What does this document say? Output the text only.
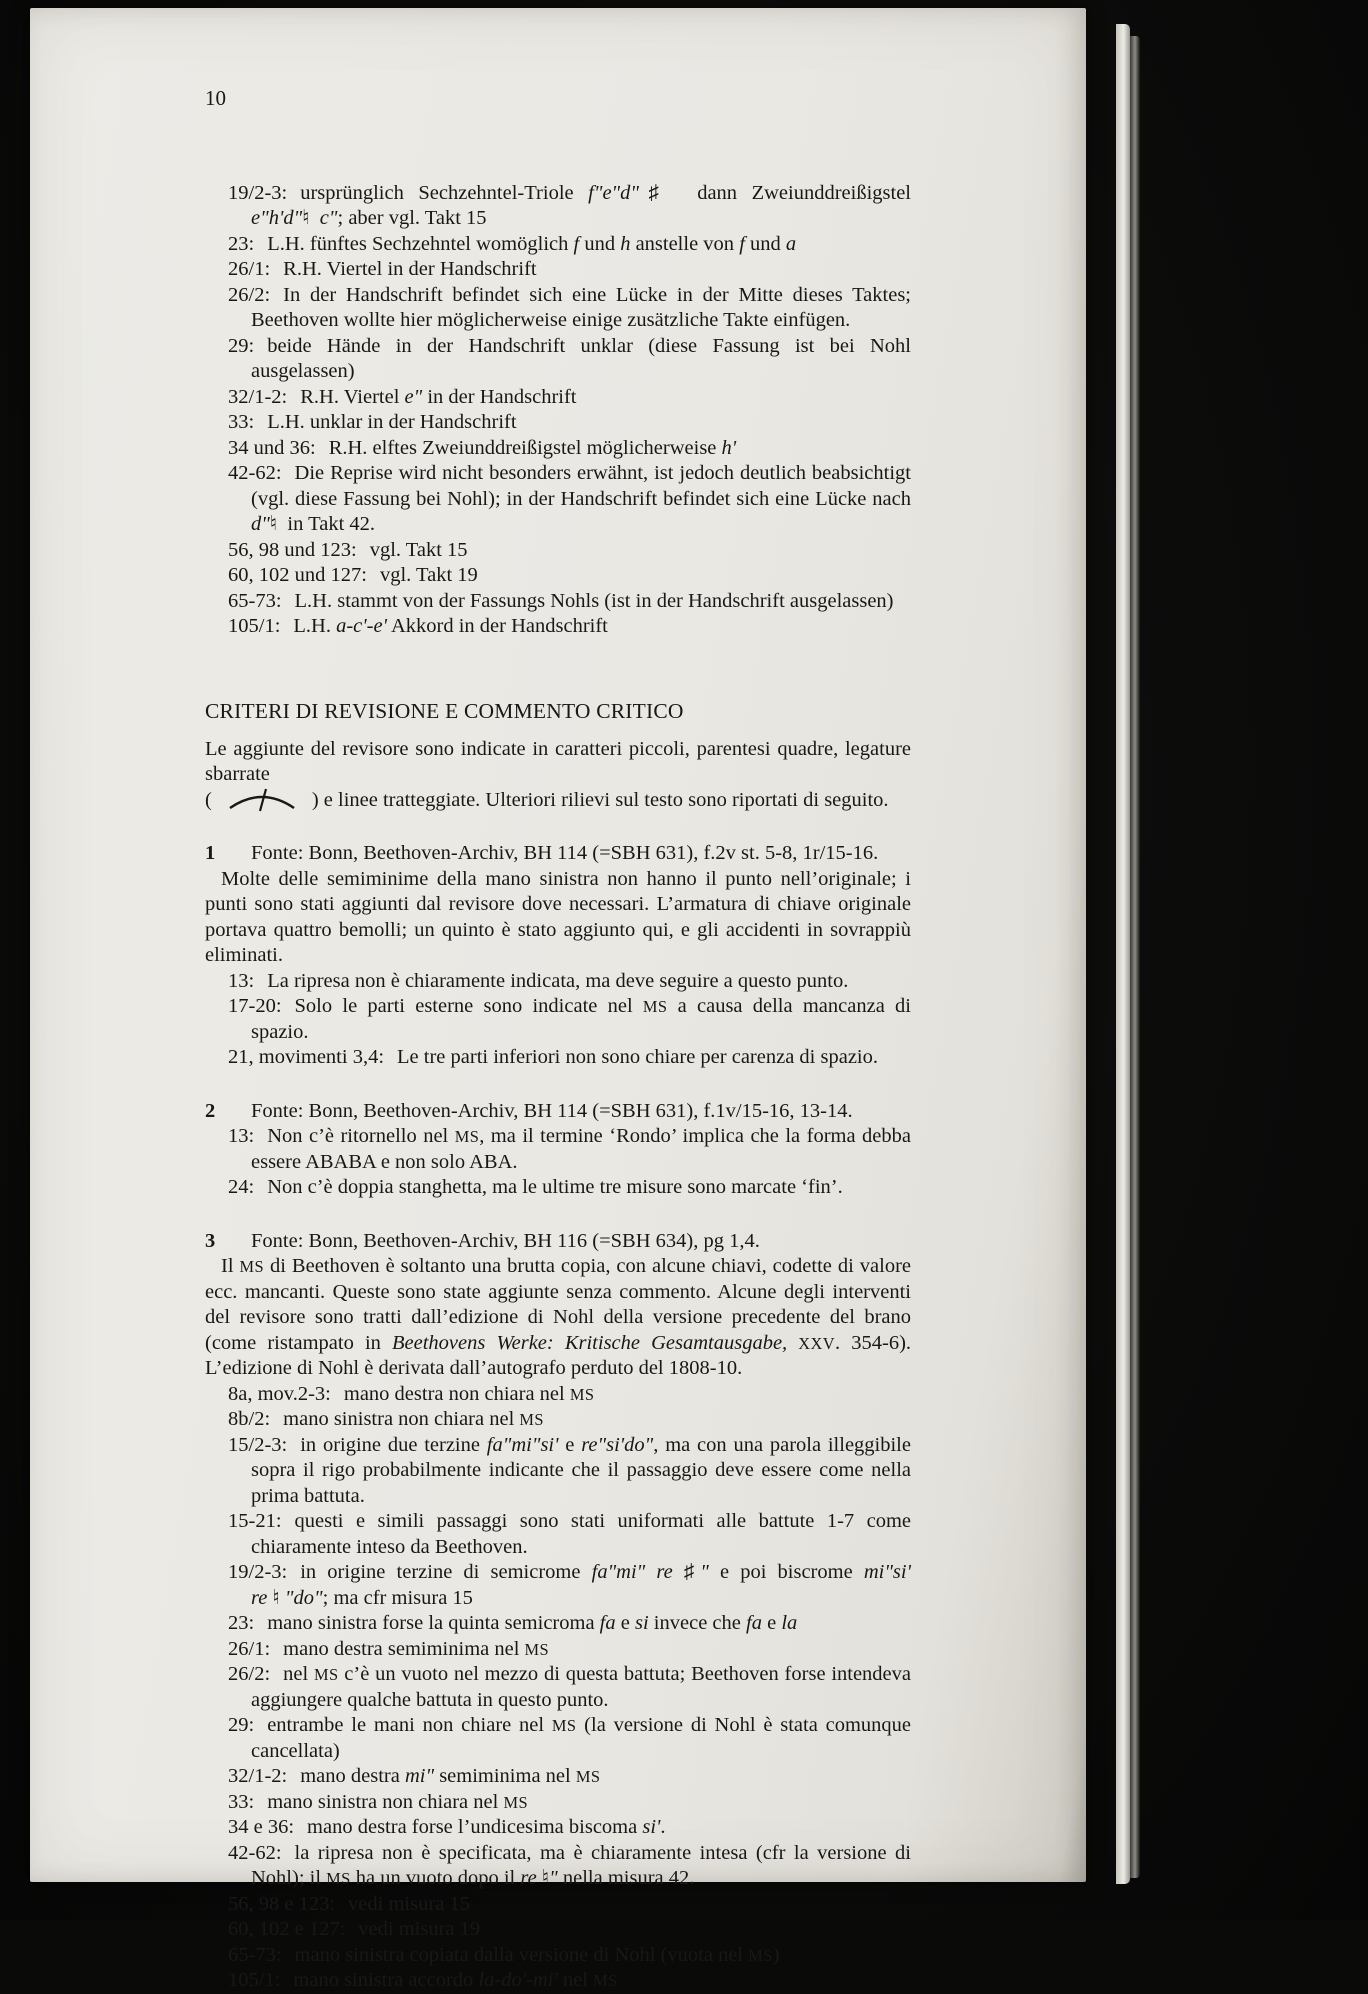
10

19/2-3: ursprünglich Sechzehntel-Triole f"e"d"♯  dann Zweiunddreißigstel e"h'd"♮  c"; aber vgl. Takt 15

23: L.H. fünftes Sechzehntel womöglich f und h anstelle von f und a

26/1: R.H. Viertel in der Handschrift

26/2: In der Handschrift befindet sich eine Lücke in der Mitte dieses Taktes; Beethoven wollte hier möglicherweise einige zusätzliche Takte einfügen.

29: beide Hände in der Handschrift unklar (diese Fassung ist bei Nohl ausgelassen)

32/1-2: R.H. Viertel e" in der Handschrift

33: L.H. unklar in der Handschrift

34 und 36: R.H. elftes Zweiunddreißigstel möglicherweise h'

42-62: Die Reprise wird nicht besonders erwähnt, ist jedoch deutlich beabsichtigt (vgl. diese Fassung bei Nohl); in der Handschrift befindet sich eine Lücke nach d"♮  in Takt 42.

56, 98 und 123: vgl. Takt 15

60, 102 und 127: vgl. Takt 19

65-73: L.H. stammt von der Fassungs Nohls (ist in der Handschrift ausgelassen)

105/1: L.H. a-c'-e' Akkord in der Handschrift

CRITERI DI REVISIONE E COMMENTO CRITICO

Le aggiunte del revisore sono indicate in caratteri piccoli, parentesi quadre, legature sbarrate
(	) e linee tratteggiate. Ulteriori rilievi sul testo sono riportati di seguito.

1 Fonte: Bonn, Beethoven-Archiv, BH 114 (=SBH 631), f.2v st. 5-8, 1r/15-16.

Molte delle semiminime della mano sinistra non hanno il punto nell’originale; i punti sono stati aggiunti dal revisore dove necessari. L’armatura di chiave originale portava quattro bemolli; un quinto è stato aggiunto qui, e gli accidenti in sovrappiù eliminati.

13: La ripresa non è chiaramente indicata, ma deve seguire a questo punto.

17-20: Solo le parti esterne sono indicate nel MS a causa della mancanza di spazio.

21, movimenti 3,4: Le tre parti inferiori non sono chiare per carenza di spazio.

2 Fonte: Bonn, Beethoven-Archiv, BH 114 (=SBH 631), f.1v/15-16, 13-14.

13: Non c’è ritornello nel MS, ma il termine ‘Rondo’ implica che la forma debba essere ABABA e non solo ABA.

24: Non c’è doppia stanghetta, ma le ultime tre misure sono marcate ‘fin’.

3 Fonte: Bonn, Beethoven-Archiv, BH 116 (=SBH 634), pg 1,4.

Il MS di Beethoven è soltanto una brutta copia, con alcune chiavi, codette di valore ecc. mancanti. Queste sono state aggiunte senza commento. Alcune degli interventi del revisore sono tratti dall’edizione di Nohl della versione precedente del brano (come ristampato in Beethovens Werke: Kritische Gesamtausgabe, XXV. 354-6). L’edizione di Nohl è derivata dall’autografo perduto del 1808-10.

8a, mov.2-3: mano destra non chiara nel MS

8b/2: mano sinistra non chiara nel MS

15/2-3: in origine due terzine fa"mi"si' e re"si'do", ma con una parola illeggibile sopra il rigo probabilmente indicante che il passaggio deve essere come nella prima battuta.

15-21: questi e simili passaggi sono stati uniformati alle battute 1-7 come chiaramente inteso da Beethoven.

19/2-3: in origine terzine di semicrome fa"mi" re ♯" e poi biscrome mi"si' re ♮ "do"; ma cfr misura 15

23: mano sinistra forse la quinta semicroma fa e si invece che fa e la

26/1: mano destra semiminima nel MS

26/2: nel MS c’è un vuoto nel mezzo di questa battuta; Beethoven forse intendeva aggiungere qualche battuta in questo punto.

29: entrambe le mani non chiare nel MS (la versione di Nohl è stata comunque cancellata)

32/1-2: mano destra mi" semiminima nel MS

33: mano sinistra non chiara nel MS

34 e 36: mano destra forse l’undicesima biscoma si'.

42-62: la ripresa non è specificata, ma è chiaramente intesa (cfr la versione di Nohl); il MS ha un vuoto dopo il re ♮" nella misura 42.

56, 98 e 123: vedi misura 15

60, 102 e 127: vedi misura 19

65-73: mano sinistra copiata dalla versione di Nohl (vuota nel MS)

105/1: mano sinistra accordo la-do'-mi' nel MS
